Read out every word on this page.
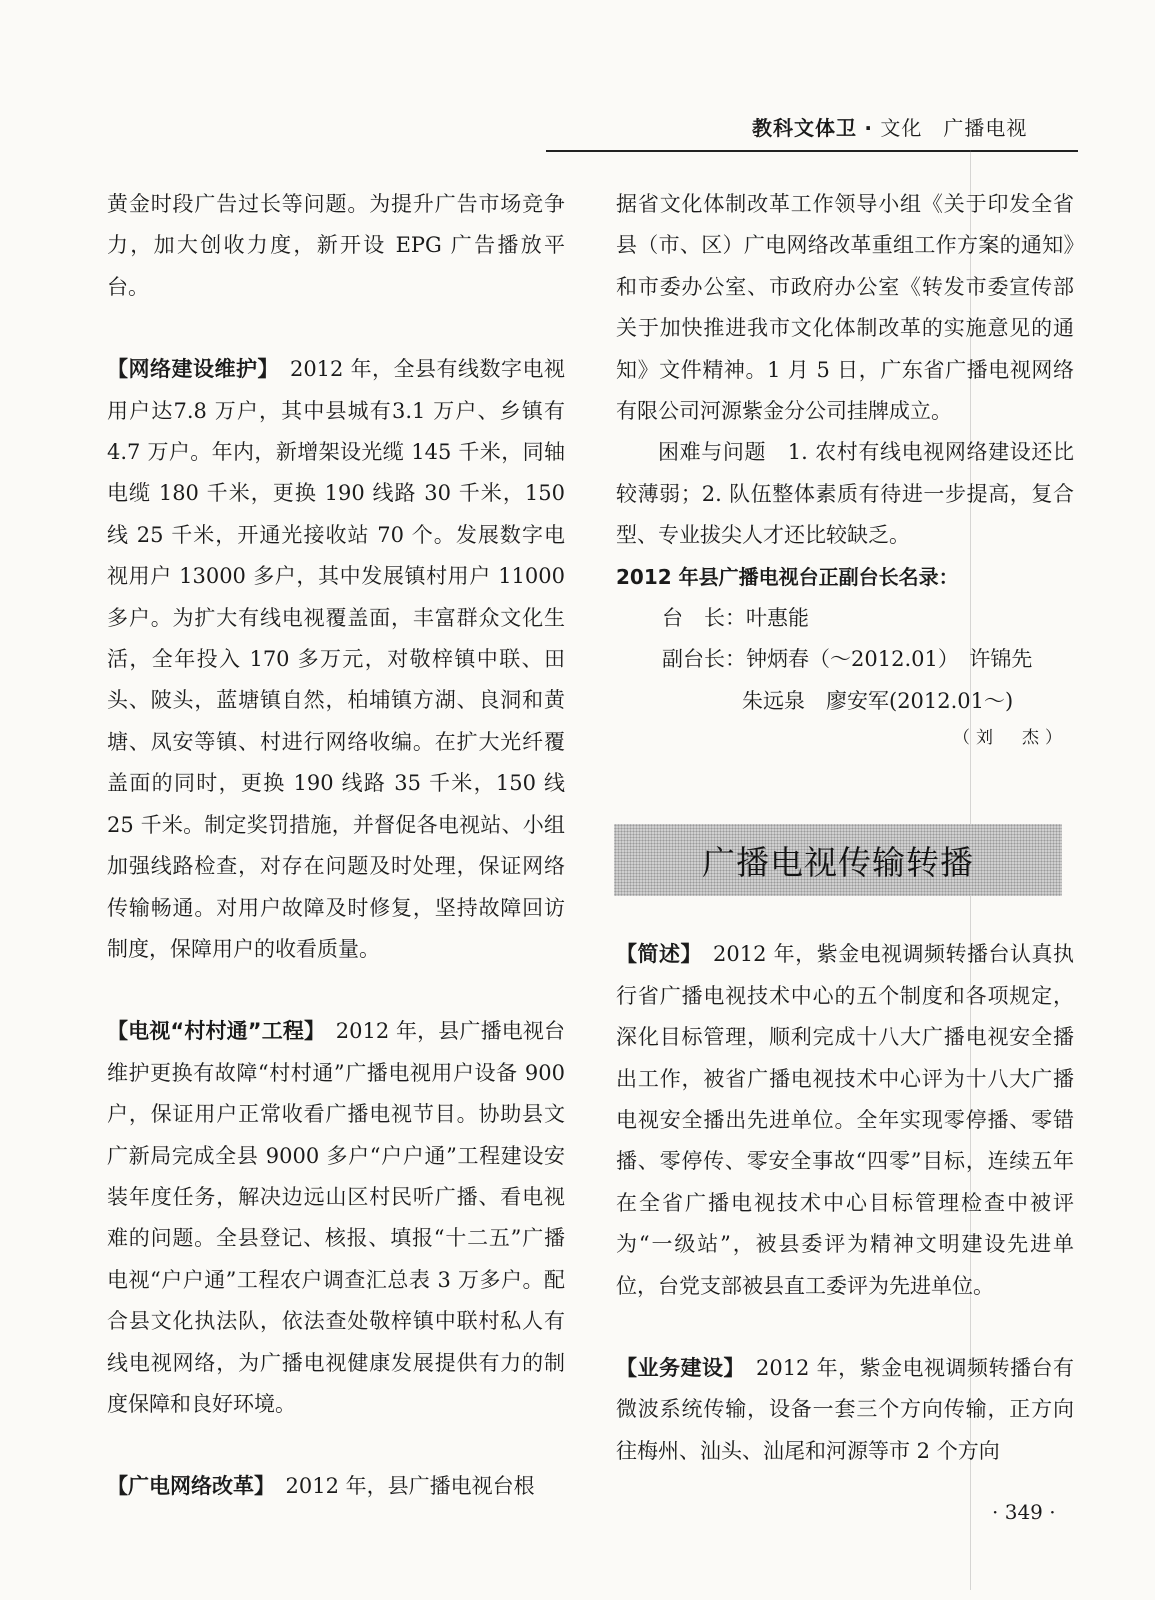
教科文体卫 · 文化　广播电视

黄金时段广告过长等问题。为提升广告市场竞争力，加大创收力度，新开设 EPG 广告播放平台。

【网络建设维护】　 2012 年，全县有线数字电视用户达7.8 万户，其中县城有3.1 万户、乡镇有4.7 万户。年内，新增架设光缆 145 千米，同轴电缆 180 千米，更换 190 线路 30 千米，150 线 25 千米，开通光接收站 70 个。发展数字电视用户 13000 多户，其中发展镇村用户 11000 多户。为扩大有线电视覆盖面，丰富群众文化生活，全年投入 170 多万元，对敬梓镇中联、田头、陂头，蓝塘镇自然，柏埔镇方湖、良洞和黄塘、凤安等镇、村进行网络收编。在扩大光纤覆盖面的同时，更换 190 线路 35 千米，150 线 25 千米。制定奖罚措施，并督促各电视站、小组加强线路检查，对存在问题及时处理，保证网络传输畅通。对用户故障及时修复，坚持故障回访制度，保障用户的收看质量。

【电视“村村通”工程】　 2012 年，县广播电视台维护更换有故障“村村通”广播电视用户设备 900 户，保证用户正常收看广播电视节目。协助县文广新局完成全县 9000 多户“户户通”工程建设安装年度任务，解决边远山区村民听广播、看电视难的问题。全县登记、核报、填报“十二五”广播电视“户户通”工程农户调查汇总表 3 万多户。配合县文化执法队，依法查处敬梓镇中联村私人有线电视网络，为广播电视健康发展提供有力的制度保障和良好环境。

【广电网络改革】　 2012 年，县广播电视台根

据省文化体制改革工作领导小组《关于印发全省县（市、区）广电网络改革重组工作方案的通知》和市委办公室、市政府办公室《转发市委宣传部关于加快推进我市文化体制改革的实施意见的通知》文件精神。1 月 5 日，广东省广播电视网络有限公司河源紫金分公司挂牌成立。

困难与问题　 1. 农村有线电视网络建设还比较薄弱；2. 队伍整体素质有待进一步提高，复合型、专业拔尖人才还比较缺乏。

2012 年县广播电视台正副台长名录：

台　长：叶惠能
副台长：钟炳春（～2012.01）　许锦先
朱远泉　廖安军(2012.01～)
（刘　杰）
广播电视传输转播

【简述】　 2012 年，紫金电视调频转播台认真执行省广播电视技术中心的五个制度和各项规定，深化目标管理，顺利完成十八大广播电视安全播出工作，被省广播电视技术中心评为十八大广播电视安全播出先进单位。全年实现零停播、零错播、零停传、零安全事故“四零”目标，连续五年在全省广播电视技术中心目标管理检查中被评为“一级站”，被县委评为精神文明建设先进单位，台党支部被县直工委评为先进单位。

【业务建设】　 2012 年，紫金电视调频转播台有微波系统传输，设备一套三个方向传输，正方向往梅州、汕头、汕尾和河源等市 2 个方向

· 349 ·
